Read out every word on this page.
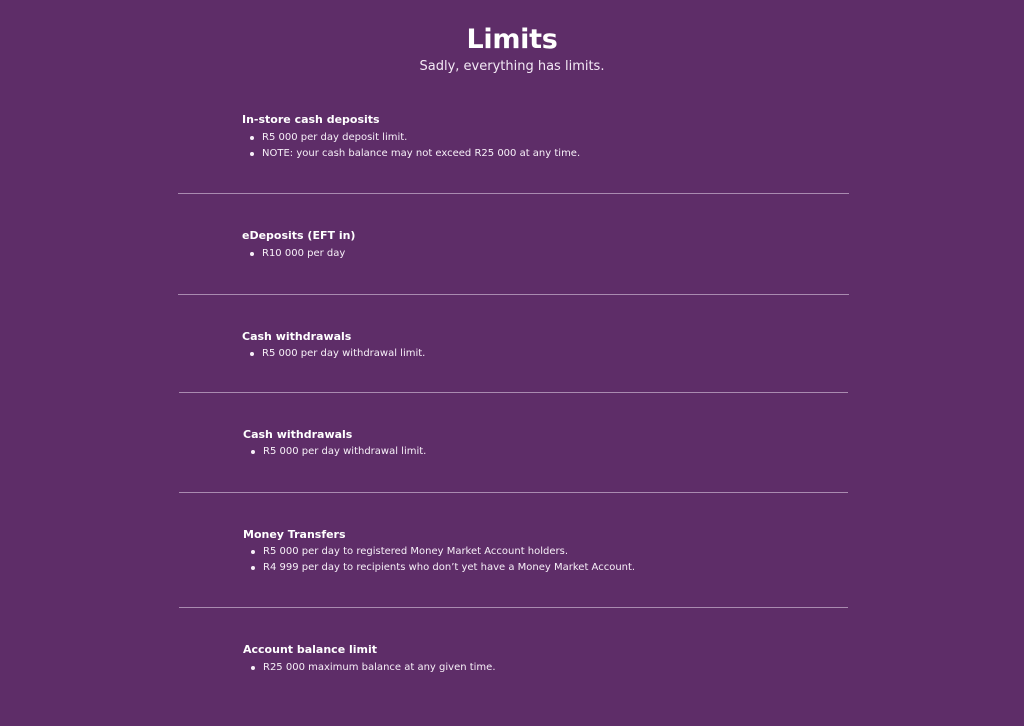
Limits

Sadly, everything has limits.

In-store cash deposits
R5 000 per day deposit limit.
NOTE: your cash balance may not exceed R25 000 at any time.
eDeposits (EFT in)
R10 000 per day
Cash withdrawals
R5 000 per day withdrawal limit.
Cash withdrawals
R5 000 per day withdrawal limit.
Money Transfers
R5 000 per day to registered Money Market Account holders.
R4 999 per day to recipients who don’t yet have a Money Market Account.
Account balance limit
R25 000 maximum balance at any given time.
